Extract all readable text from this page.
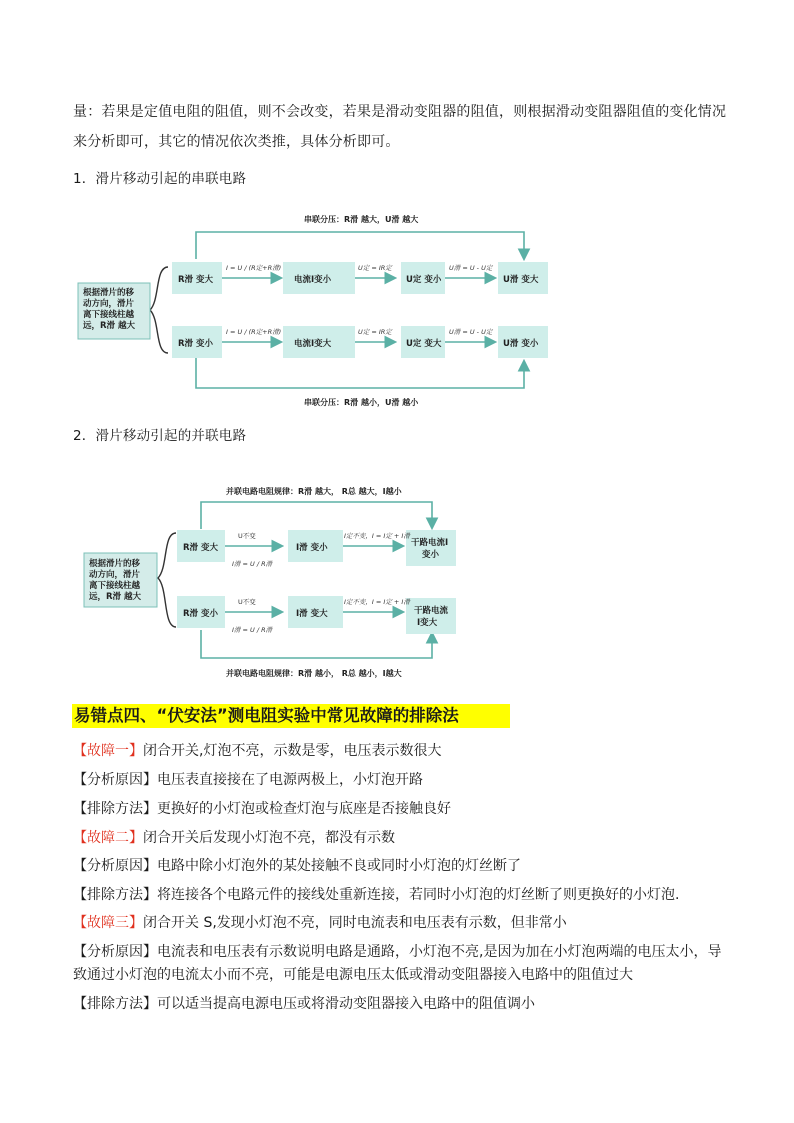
量：若果是定值电阻的阻值，则不会改变，若果是滑动变阻器的阻值，则根据滑动变阻器阻值的变化情况
来分析即可，其它的情况依次类推，具体分析即可。
1．滑片移动引起的串联电路
根据滑片的移
动方向，滑片
离下接线柱越
远，R滑 越大
串联分压：R滑 越大，U滑 越大
串联分压：R滑 越小，U滑 越小
R滑 变大	电流I变小	U定 变小	U滑 变大
R滑 变小	电流I变大	U定 变大	U滑 变小
I = U / (R定+R滑)	U定 = IR定	U滑 = U - U定
I = U / (R定+R滑)	U定 = IR定	U滑 = U - U定
2．滑片移动引起的并联电路
根据滑片的移
动方向，滑片
离下接线柱越
远，R滑 越大
并联电路电阻规律：R滑 越大， R总 越大，I越小
并联电路电阻规律：R滑 越小， R总 越小，I越大
R滑 变大	I滑 变小	干路电流I
变小
R滑 变小	I滑 变大	干路电流
I变大
U不变
I滑 = U / R滑
I定不变，I = I定 + I滑
U不变
I滑 = U / R滑
I定不变，I = I定 + I滑
易错点四、“伏安法”测电阻实验中常见故障的排除法
【故障一】闭合开关,灯泡不亮，示数是零，电压表示数很大
【分析原因】电压表直接接在了电源两极上，小灯泡开路
【排除方法】更换好的小灯泡或检查灯泡与底座是否接触良好
【故障二】闭合开关后发现小灯泡不亮，都没有示数
【分析原因】电路中除小灯泡外的某处接触不良或同时小灯泡的灯丝断了
【排除方法】将连接各个电路元件的接线处重新连接，若同时小灯泡的灯丝断了则更换好的小灯泡.
【故障三】闭合开关 S,发现小灯泡不亮，同时电流表和电压表有示数，但非常小
【分析原因】电流表和电压表有示数说明电路是通路，小灯泡不亮,是因为加在小灯泡两端的电压太小，导
致通过小灯泡的电流太小而不亮，可能是电源电压太低或滑动变阻器接入电路中的阻值过大
【排除方法】可以适当提高电源电压或将滑动变阻器接入电路中的阻值调小
